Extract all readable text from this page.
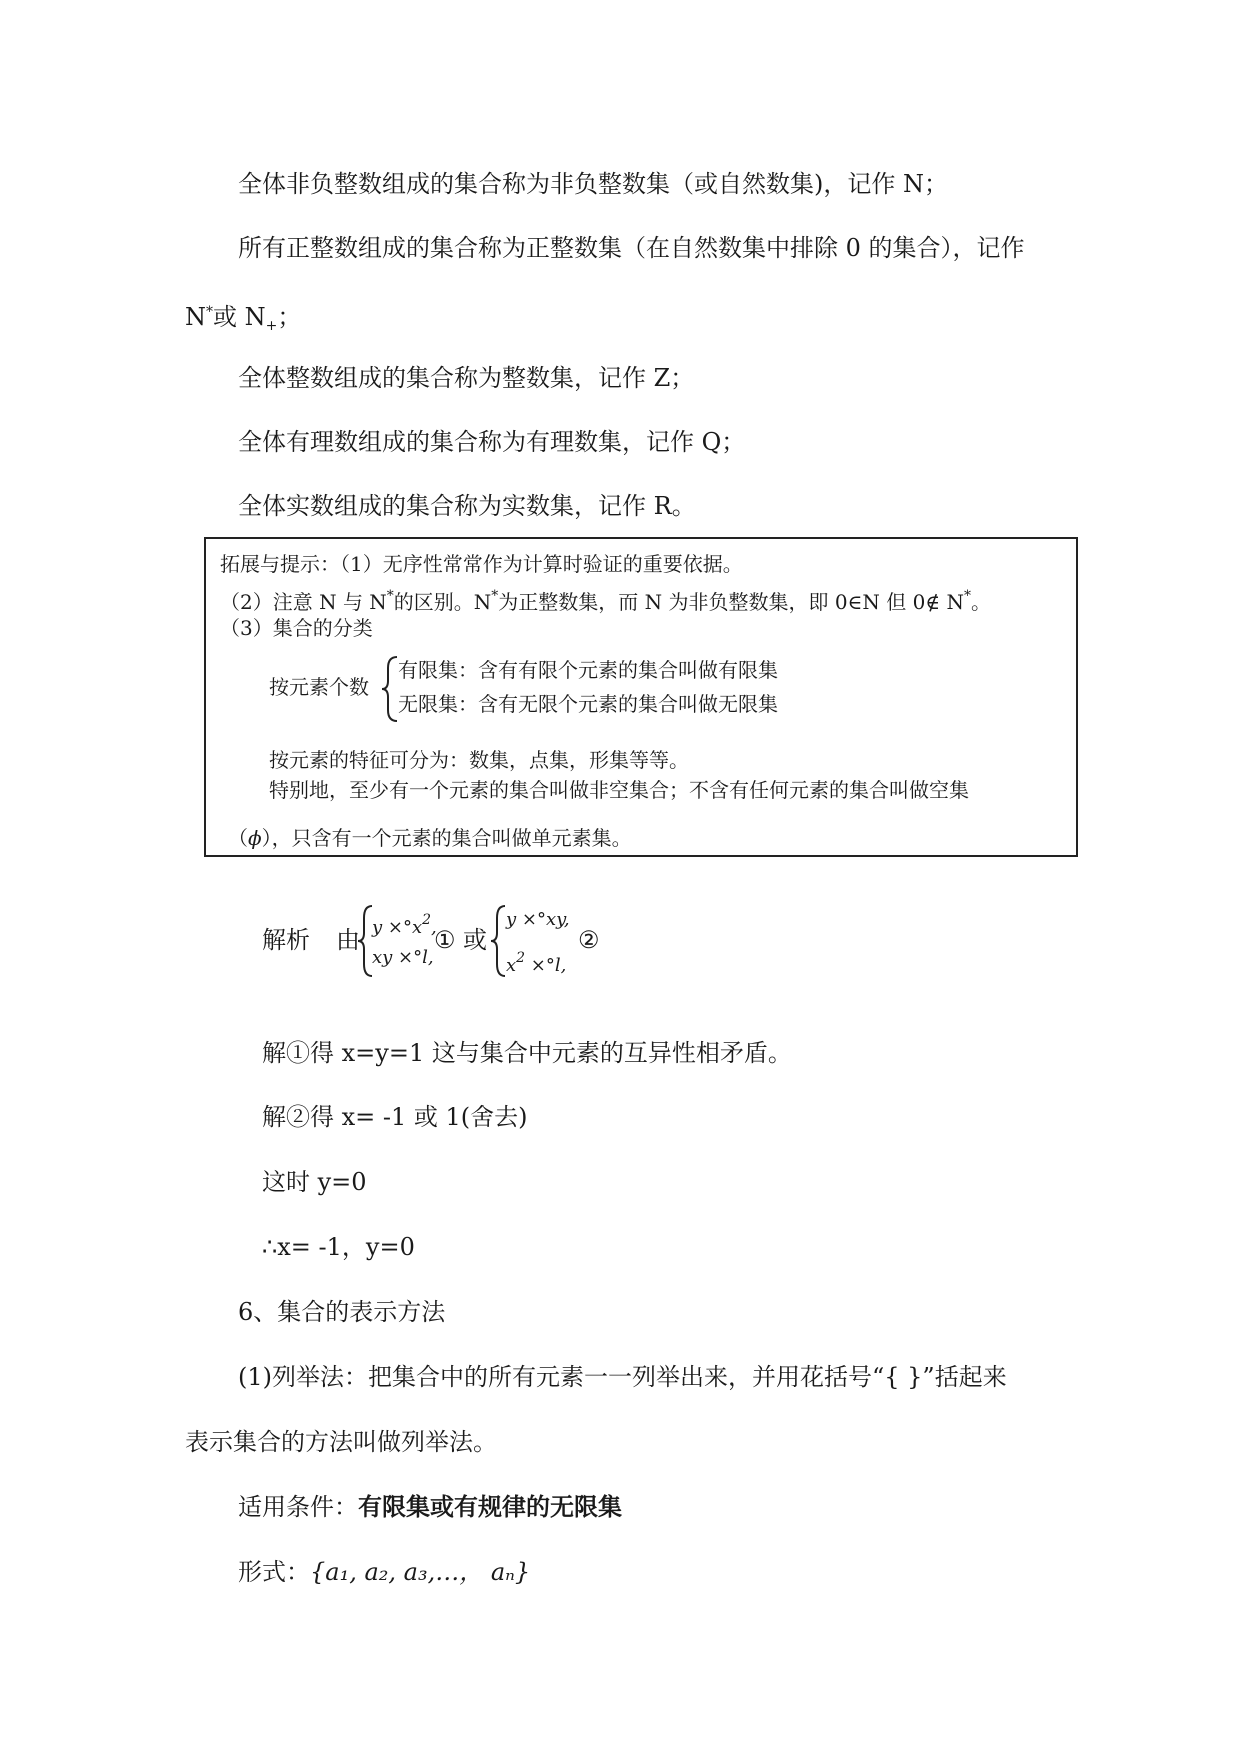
全体非负整数组成的集合称为非负整数集（或自然数集)，记作 N；
所有正整数组成的集合称为正整数集（在自然数集中排除 0 的集合），记作
N*或 $N_+$；
全体整数组成的集合称为整数集，记作 Z；
全体有理数组成的集合称为有理数集，记作 Q；
全体实数组成的集合称为实数集，记作 R。
拓展与提示：（1）无序性常常作为计算时验证的重要依据。
（2）注意 N 与 N*的区别。N*为正整数集，而 N 为非负整数集，即 0∈N 但 0∉ N*。
（3）集合的分类
按元素个数
有限集：含有有限个元素的集合叫做有限集
无限集：含有无限个元素的集合叫做无限集
按元素的特征可分为：数集，点集，形集等等。
特别地，至少有一个元素的集合叫做非空集合；不含有任何元素的集合叫做空集
（ϕ），只含有一个元素的集合叫做单元素集。
解析 由 $y \times^\circ x^2$,
xy ×°l,
① 或
y ×°xy,
$x^2 \times^\circ l$,
②
解①得 x=y=1 这与集合中元素的互异性相矛盾。
解②得 x= -1 或 1(舍去)
这时 y=0
∴x= -1，y=0
6、集合的表示方法
(1)列举法：把集合中的所有元素一一列举出来，并用花括号“{ }”括起来
表示集合的方法叫做列举法。
适用条件：有限集或有规律的无限集
形式：{a₁, a₂, a₃,…， aₙ}
